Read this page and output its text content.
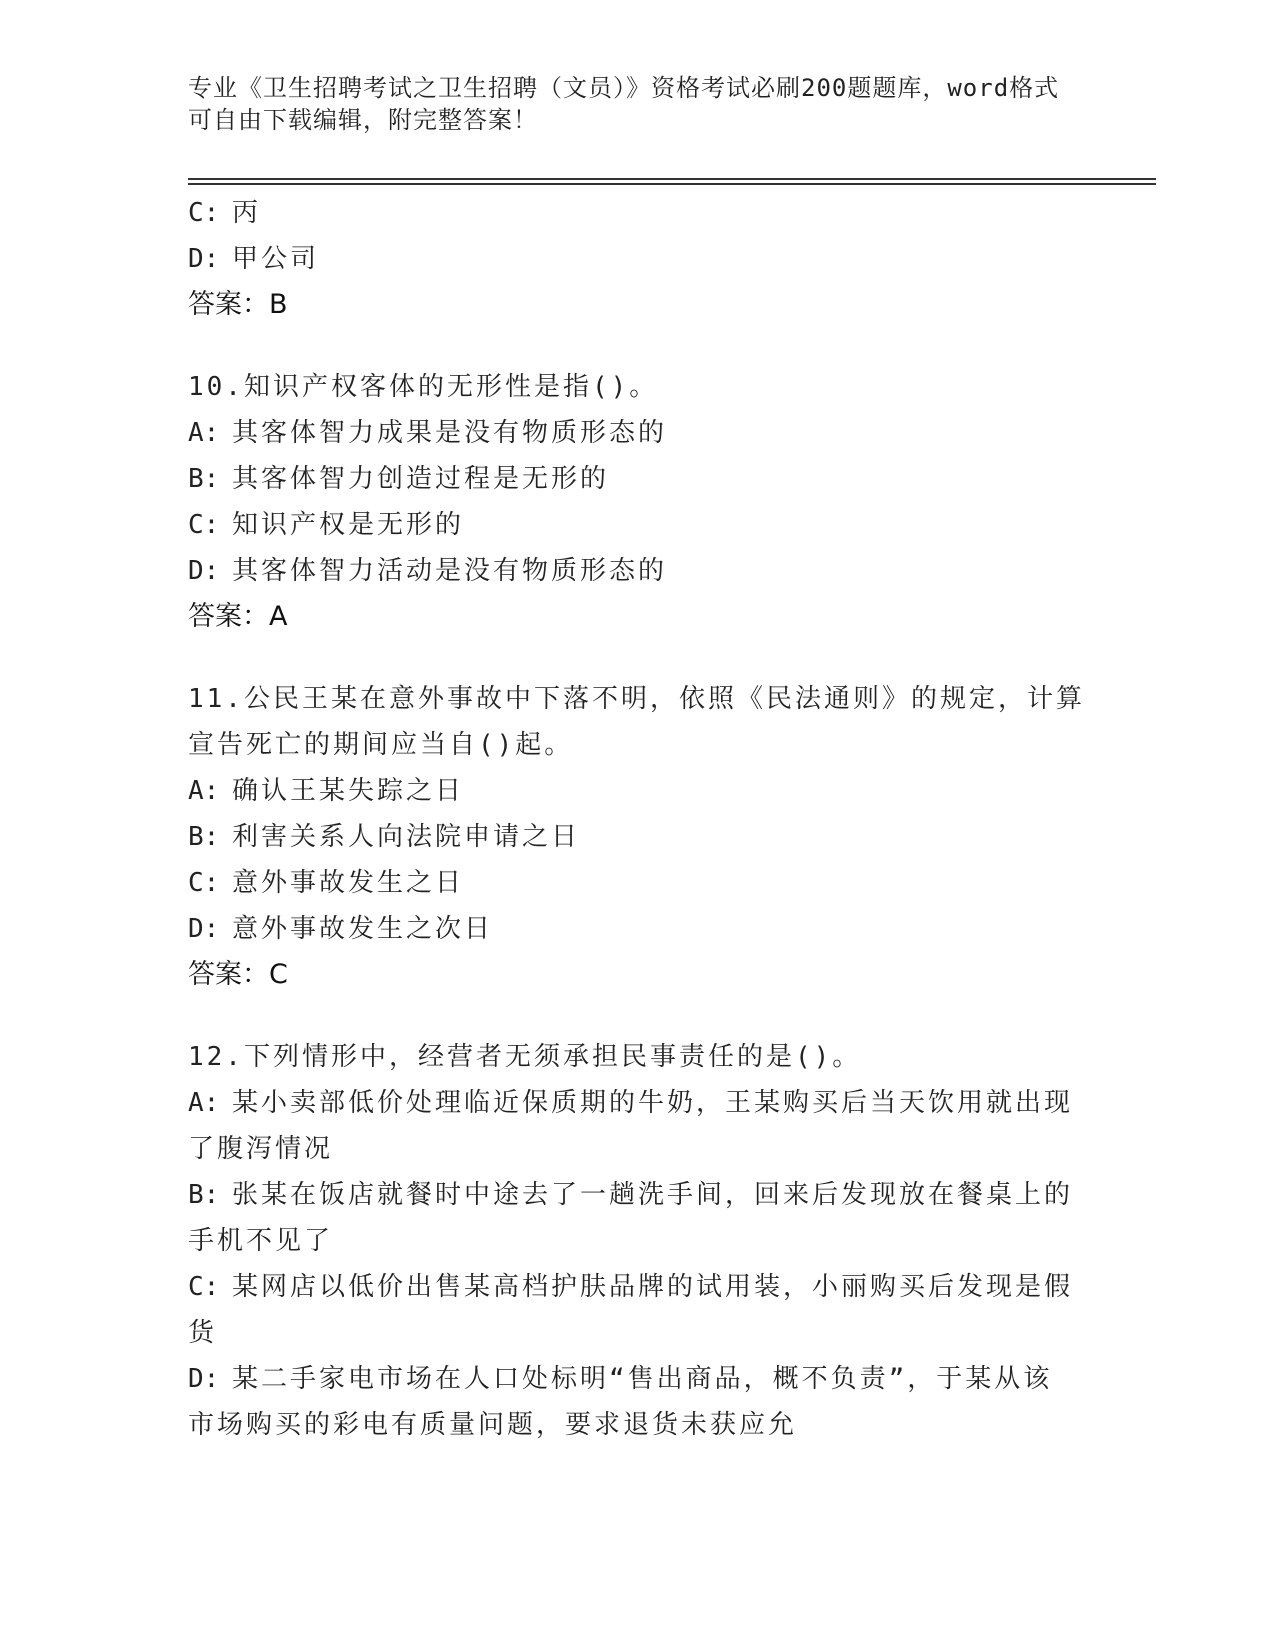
专业《卫生招聘考试之卫生招聘（文员）》资格考试必刷200题题库，word格式
可自由下载编辑，附完整答案！
C: 丙
D: 甲公司
答案：B
10.知识产权客体的无形性是指()。
A: 其客体智力成果是没有物质形态的
B: 其客体智力创造过程是无形的
C: 知识产权是无形的
D: 其客体智力活动是没有物质形态的
答案：A
11.公民王某在意外事故中下落不明，依照《民法通则》的规定，计算
宣告死亡的期间应当自()起。
A: 确认王某失踪之日
B: 利害关系人向法院申请之日
C: 意外事故发生之日
D: 意外事故发生之次日
答案：C
12.下列情形中，经营者无须承担民事责任的是()。
A: 某小卖部低价处理临近保质期的牛奶，王某购买后当天饮用就出现
了腹泻情况
B: 张某在饭店就餐时中途去了一趟洗手间，回来后发现放在餐桌上的
手机不见了
C: 某网店以低价出售某高档护肤品牌的试用装，小丽购买后发现是假
货
D: 某二手家电市场在人口处标明“售出商品，概不负责”，于某从该
市场购买的彩电有质量问题，要求退货未获应允
